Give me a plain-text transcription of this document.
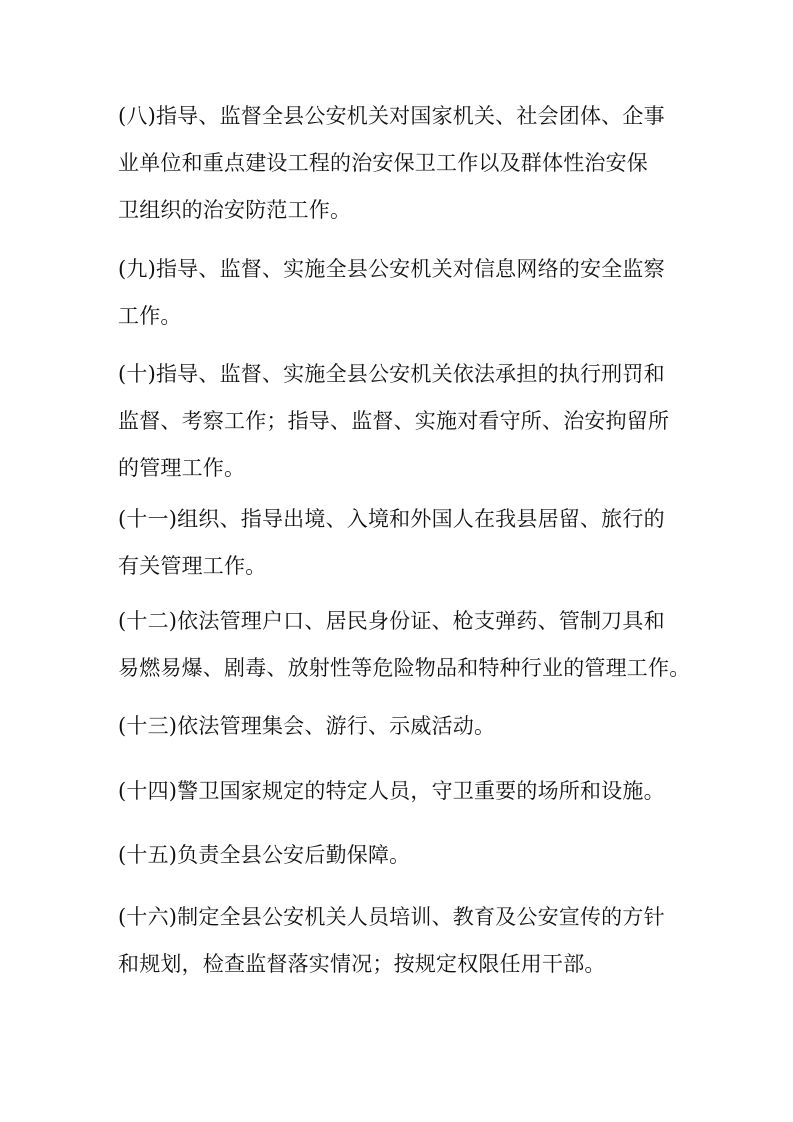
(八)指导、监督全县公安机关对国家机关、社会团体、企事
业单位和重点建设工程的治安保卫工作以及群体性治安保
卫组织的治安防范工作。
(九)指导、监督、实施全县公安机关对信息网络的安全监察
工作。
(十)指导、监督、实施全县公安机关依法承担的执行刑罚和
监督、考察工作；指导、监督、实施对看守所、治安拘留所
的管理工作。
(十一)组织、指导出境、入境和外国人在我县居留、旅行的
有关管理工作。
(十二)依法管理户口、居民身份证、枪支弹药、管制刀具和
易燃易爆、剧毒、放射性等危险物品和特种行业的管理工作。
(十三)依法管理集会、游行、示威活动。
(十四)警卫国家规定的特定人员，守卫重要的场所和设施。
(十五)负责全县公安后勤保障。
(十六)制定全县公安机关人员培训、教育及公安宣传的方针
和规划，检查监督落实情况；按规定权限任用干部。
